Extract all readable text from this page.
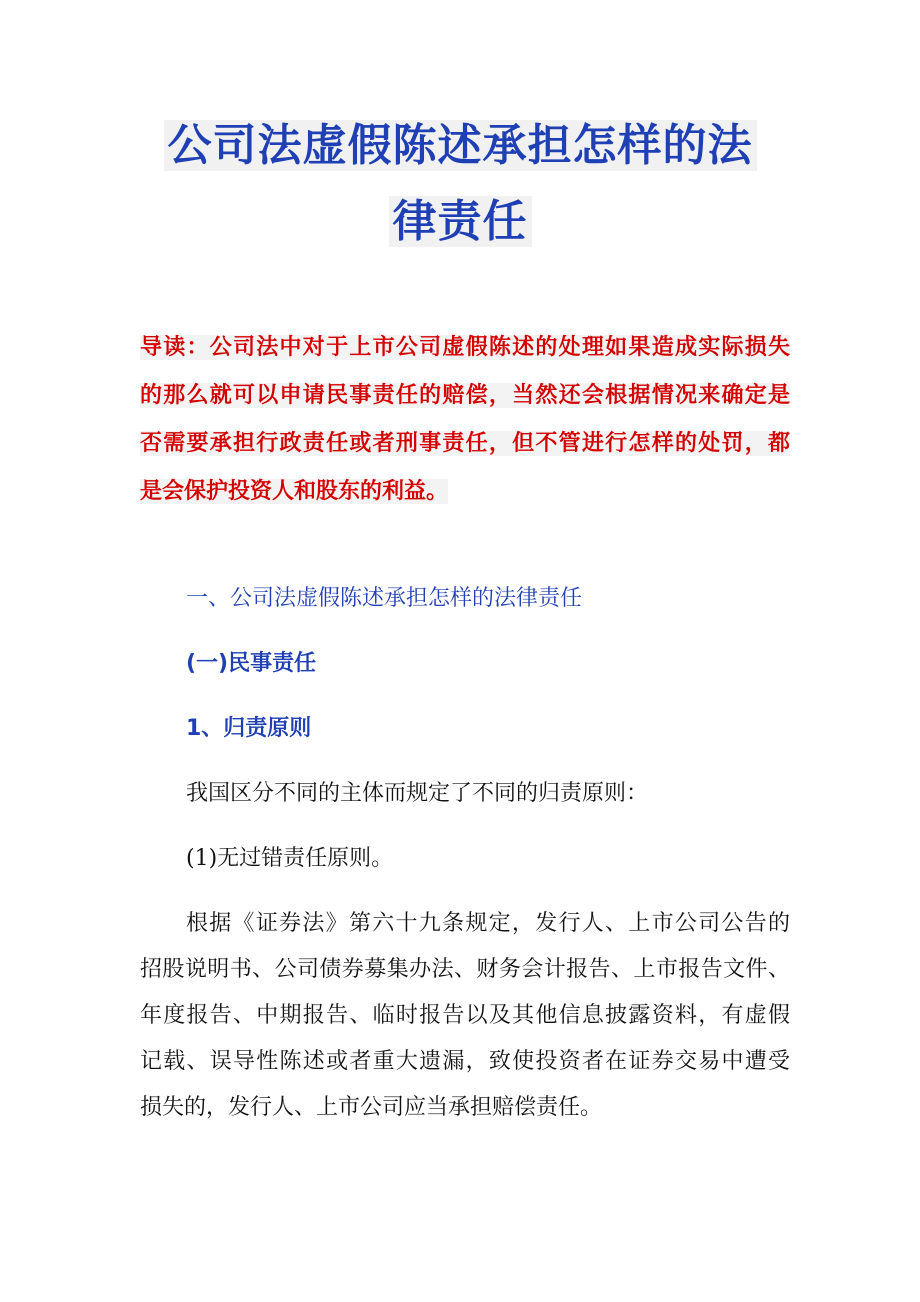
公司法虚假陈述承担怎样的法
律责任
导读：公司法中对于上市公司虚假陈述的处理如果造成实际损失
的那么就可以申请民事责任的赔偿，当然还会根据情况来确定是
否需要承担行政责任或者刑事责任，但不管进行怎样的处罚，都
是会保护投资人和股东的利益。
一、公司法虚假陈述承担怎样的法律责任
(一)民事责任
1、归责原则
我国区分不同的主体而规定了不同的归责原则：
(1)无过错责任原则。
根据《证券法》第六十九条规定，发行人、上市公司公告的
招股说明书、公司债券募集办法、财务会计报告、上市报告文件、
年度报告、中期报告、临时报告以及其他信息披露资料，有虚假
记载、误导性陈述或者重大遗漏，致使投资者在证券交易中遭受
损失的，发行人、上市公司应当承担赔偿责任。
